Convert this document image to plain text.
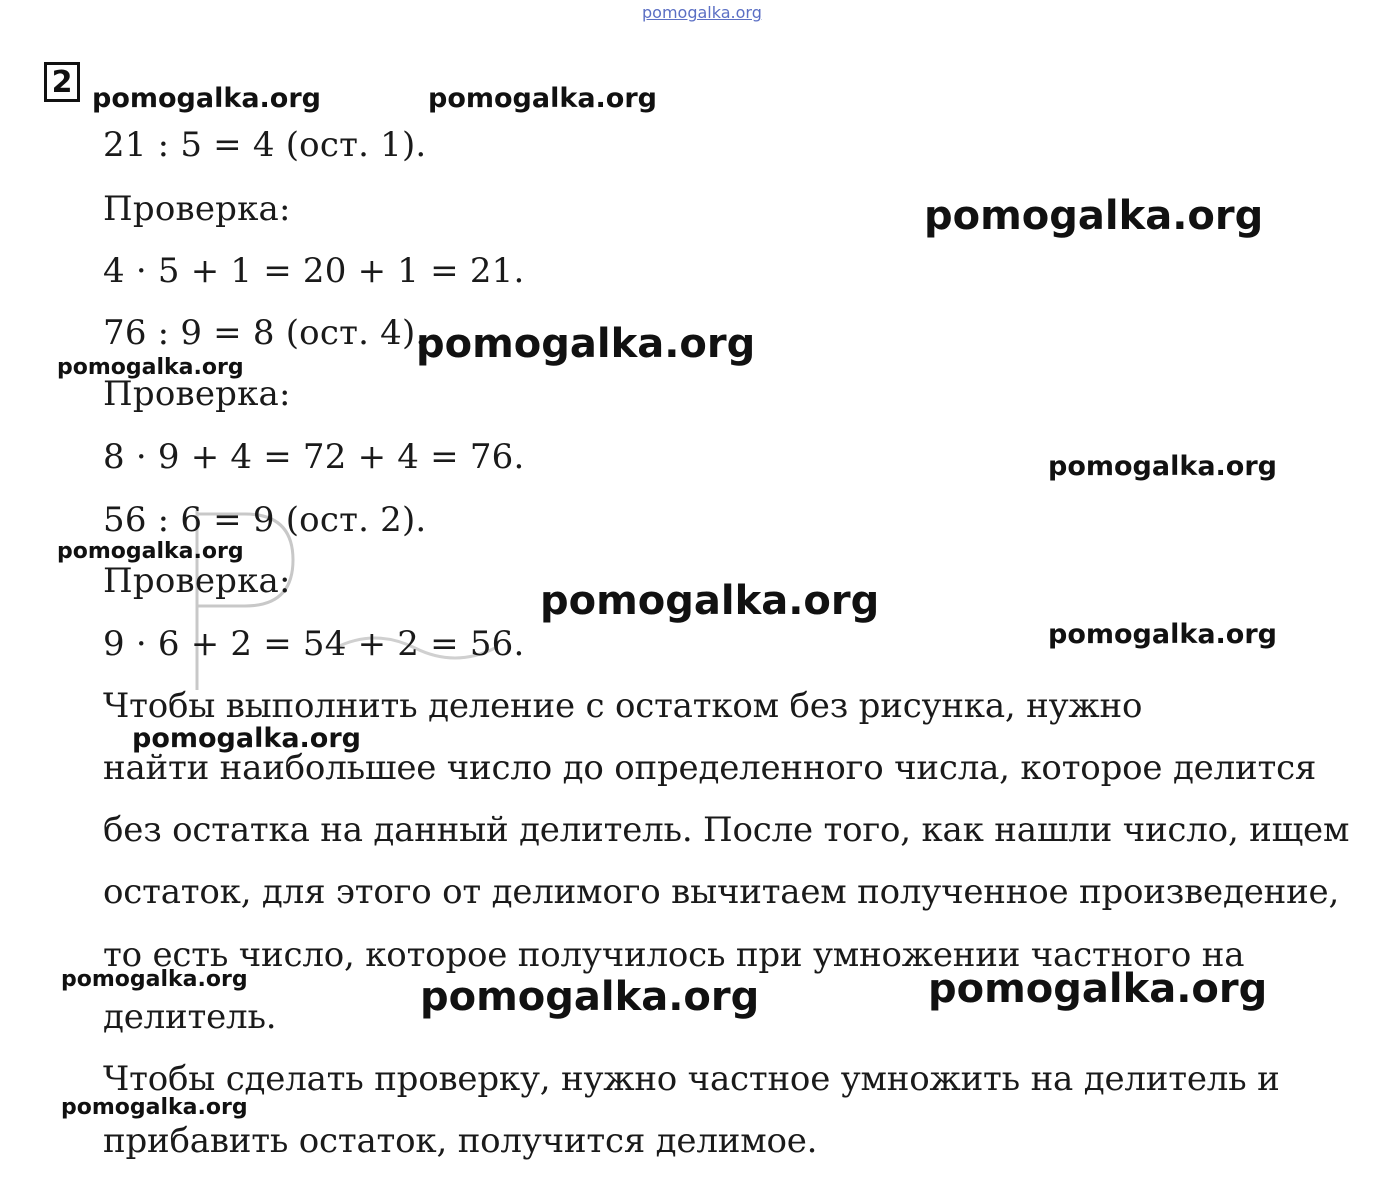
2
21 : 5 = 4 (ост. 1).
Проверка:
4 · 5 + 1 = 20 + 1 = 21.
76 : 9 = 8 (ост. 4).
Проверка:
8 · 9 + 4 = 72 + 4 = 76.
56 : 6 = 9 (ост. 2).
Проверка:
9 · 6 + 2 = 54 + 2 = 56.
Чтобы выполнить деление с остатком без рисунка, нужно
найти наибольшее число до определенного числа, которое делится
без остатка на данный делитель. После того, как нашли число, ищем
остаток, для этого от делимого вычитаем полученное произведение,
то есть число, которое получилось при умножении частного на
делитель.
Чтобы сделать проверку, нужно частное умножить на делитель и
прибавить остаток, получится делимое.
pomogalka.org
pomogalka.org	pomogalka.org
pomogalka.org
pomogalka.org
pomogalka.org
pomogalka.org
pomogalka.org
pomogalka.org
pomogalka.org
pomogalka.org
pomogalka.org	pomogalka.org
pomogalka.org
pomogalka.org
